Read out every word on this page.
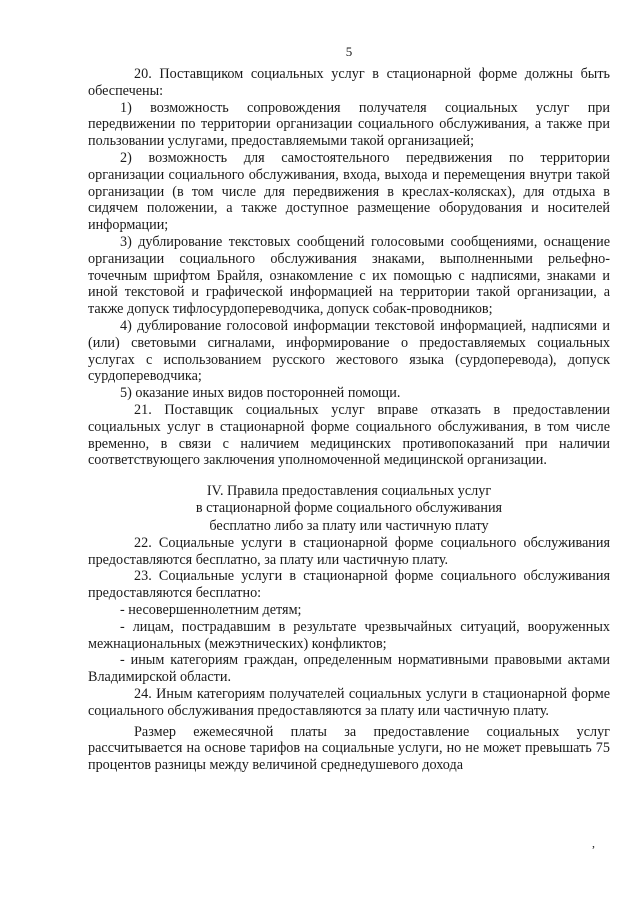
5

20. Поставщиком социальных услуг в стационарной форме должны быть обеспечены:

1) возможность сопровождения получателя социальных услуг при передвижении по территории организации социального обслуживания, а также при пользовании услугами, предоставляемыми такой организацией;

2) возможность для самостоятельного передвижения по территории организации социального обслуживания, входа, выхода и перемещения внутри такой организации (в том числе для передвижения в креслах-колясках), для отдыха в сидячем положении, а также доступное размещение оборудования и носителей информации;

3) дублирование текстовых сообщений голосовыми сообщениями, оснащение организации социального обслуживания знаками, выполненными рельефно-точечным шрифтом Брайля, ознакомление с их помощью с надписями, знаками и иной текстовой и графической информацией на территории такой организации, а также допуск тифлосурдопереводчика, допуск собак-проводников;

4) дублирование голосовой информации текстовой информацией, надписями и (или) световыми сигналами, информирование о предоставляемых социальных услугах с использованием русского жестового языка (сурдоперевода), допуск сурдопереводчика;

5) оказание иных видов посторонней помощи.

21. Поставщик социальных услуг вправе отказать в предоставлении социальных услуг в стационарной форме социального обслуживания, в том числе временно, в связи с наличием медицинских противопоказаний при наличии соответствующего заключения уполномоченной медицинской организации.

IV. Правила предоставления социальных услуг
в стационарной форме социального обслуживания
бесплатно либо за плату или частичную плату

22. Социальные услуги в стационарной форме социального обслуживания предоставляются бесплатно, за плату или частичную плату.

23. Социальные услуги в стационарной форме социального обслуживания предоставляются бесплатно:

- несовершеннолетним детям;

- лицам, пострадавшим в результате чрезвычайных ситуаций, вооруженных межнациональных (межэтнических) конфликтов;

- иным категориям граждан, определенным нормативными правовыми актами Владимирской области.

24. Иным категориям получателей социальных услуги в стационарной форме социального обслуживания предоставляются за плату или частичную плату.

Размер ежемесячной платы за предоставление социальных услуг рассчитывается на основе тарифов на социальные услуги, но не может превышать 75 процентов разницы между величиной среднедушевого дохода

,
